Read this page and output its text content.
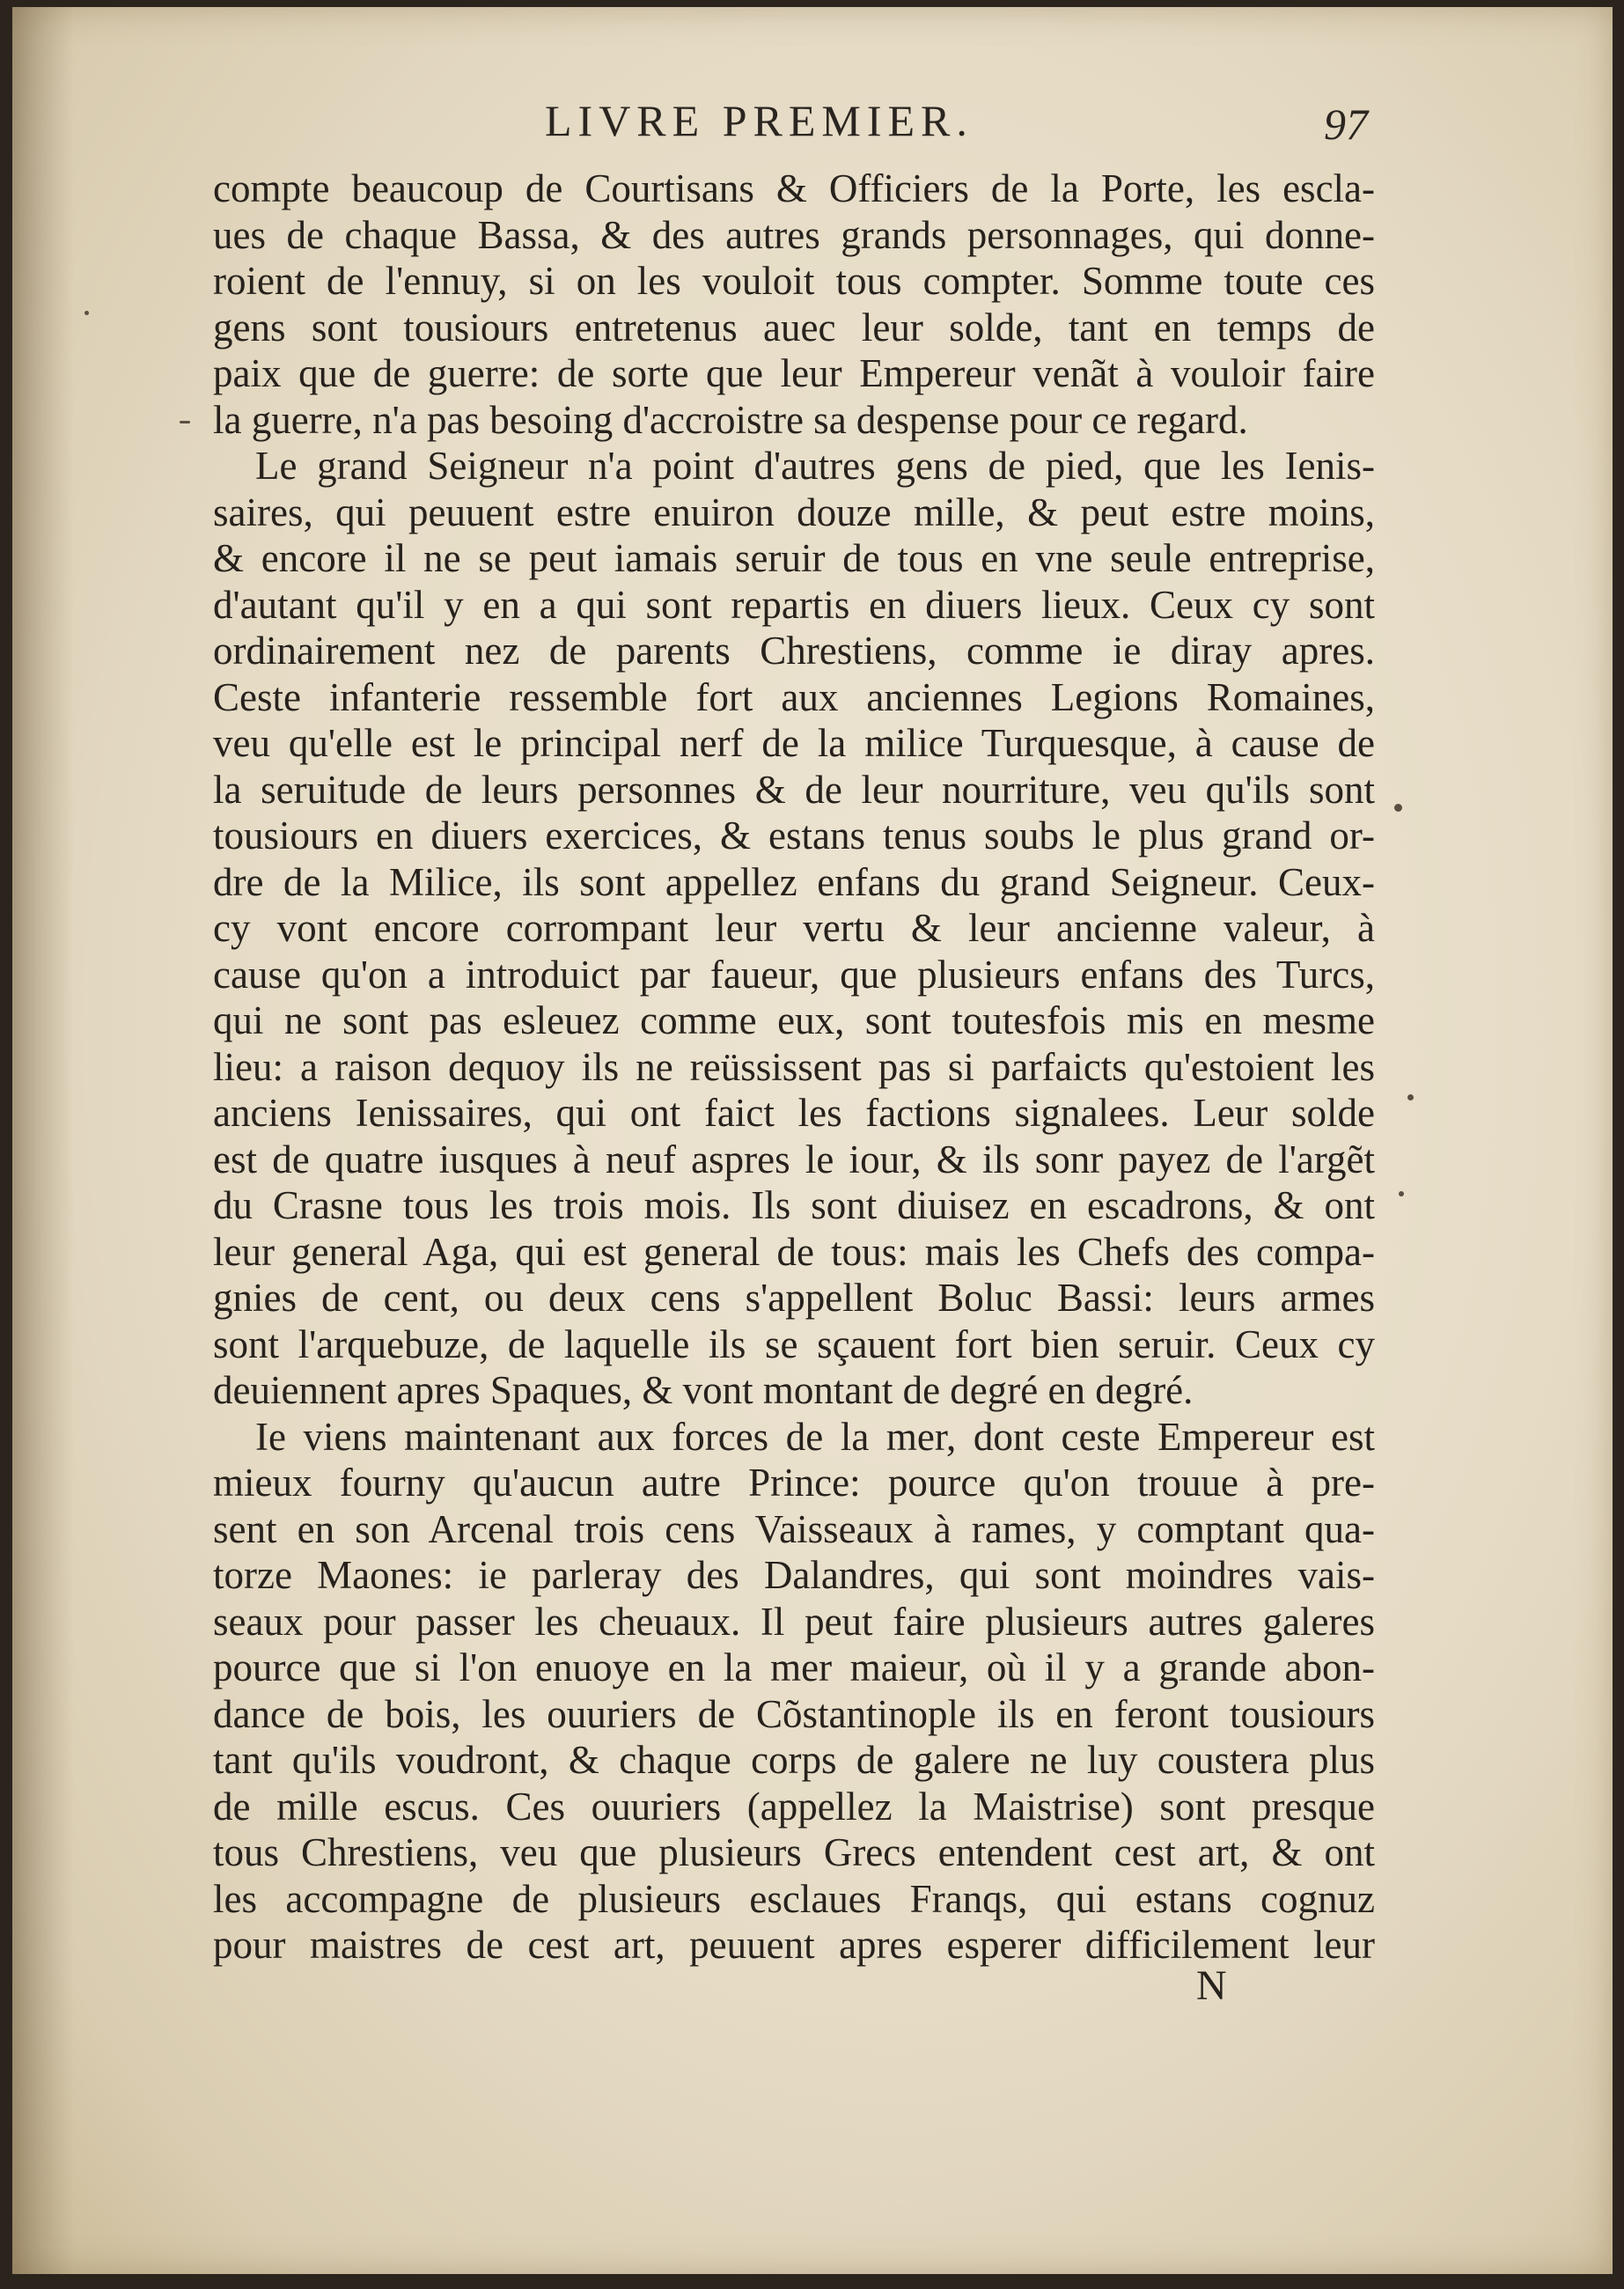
LIVRE PREMIER.	97
compte beaucoup de Courtisans & Officiers de la Porte, les escla-
ues de chaque Bassa, & des autres grands personnages, qui donne-
roient de l'ennuy, si on les vouloit tous compter. Somme toute ces
gens sont tousiours entretenus auec leur solde, tant en temps de
paix que de guerre: de sorte que leur Empereur venãt à vouloir faire
la guerre, n'a pas besoing d'accroistre sa despense pour ce regard.
Le grand Seigneur n'a point d'autres gens de pied, que les Ienis-
saires, qui peuuent estre enuiron douze mille, & peut estre moins,
& encore il ne se peut iamais seruir de tous en vne seule entreprise,
d'autant qu'il y en a qui sont repartis en diuers lieux. Ceux cy sont
ordinairement nez de parents Chrestiens, comme ie diray apres.
Ceste infanterie ressemble fort aux anciennes Legions Romaines,
veu qu'elle est le principal nerf de la milice Turquesque, à cause de
la seruitude de leurs personnes & de leur nourriture, veu qu'ils sont
tousiours en diuers exercices, & estans tenus soubs le plus grand or-
dre de la Milice, ils sont appellez enfans du grand Seigneur. Ceux-
cy vont encore corrompant leur vertu & leur ancienne valeur, à
cause qu'on a introduict par faueur, que plusieurs enfans des Turcs,
qui ne sont pas esleuez comme eux, sont toutesfois mis en mesme
lieu: a raison dequoy ils ne reüssissent pas si parfaicts qu'estoient les
anciens Ienissaires, qui ont faict les factions signalees. Leur solde
est de quatre iusques à neuf aspres le iour, & ils sonr payez de l'argẽt
du Crasne tous les trois mois. Ils sont diuisez en escadrons, & ont
leur general Aga, qui est general de tous: mais les Chefs des compa-
gnies de cent, ou deux cens s'appellent Boluc Bassi: leurs armes
sont l'arquebuze, de laquelle ils se sçauent fort bien seruir. Ceux cy
deuiennent apres Spaques, & vont montant de degré en degré.
Ie viens maintenant aux forces de la mer, dont ceste Empereur est
mieux fourny qu'aucun autre Prince: pource qu'on trouue à pre-
sent en son Arcenal trois cens Vaisseaux à rames, y comptant qua-
torze Maones: ie parleray des Dalandres, qui sont moindres vais-
seaux pour passer les cheuaux. Il peut faire plusieurs autres galeres
pource que si l'on enuoye en la mer maieur, où il y a grande abon-
dance de bois, les ouuriers de Cõstantinople ils en feront tousiours
tant qu'ils voudront, & chaque corps de galere ne luy coustera plus
de mille escus. Ces ouuriers (appellez la Maistrise) sont presque
tous Chrestiens, veu que plusieurs Grecs entendent cest art, & ont
les accompagne de plusieurs esclaues Franqs, qui estans cognuz
pour maistres de cest art, peuuent apres esperer difficilement leur
N
